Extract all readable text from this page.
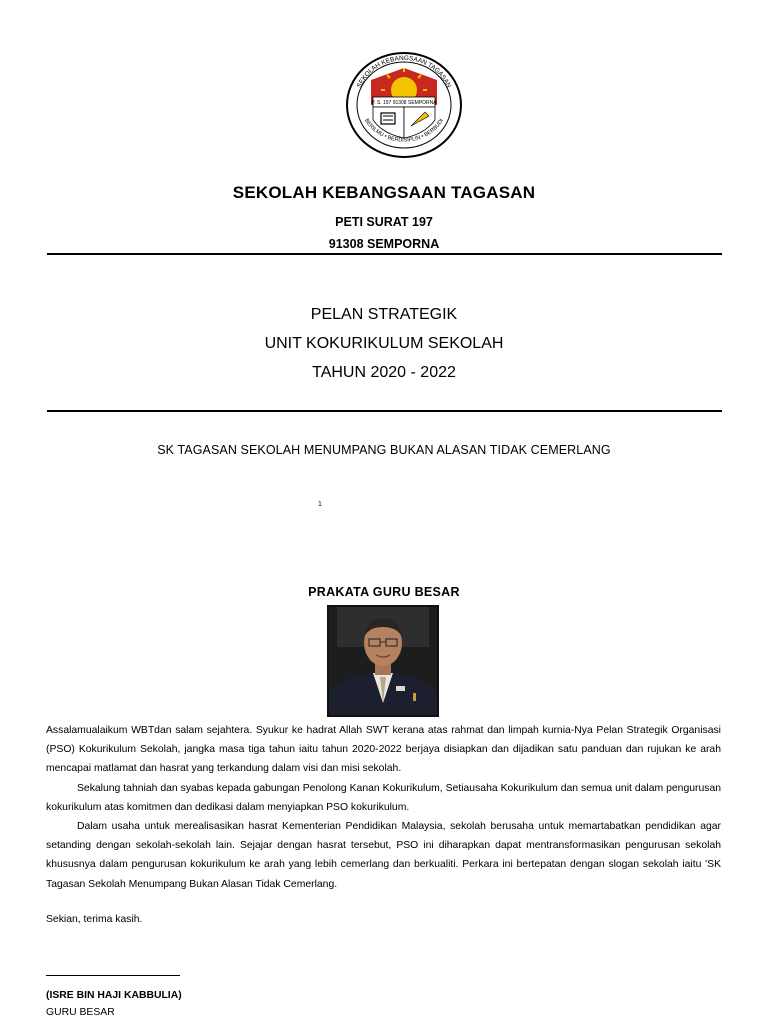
P. S. 197 91308 SEMPORNA
SEKOLAH KEBANGSAAN TAGASAN
BERILMU • BERDISIPLIN • BERBUDI
SEKOLAH KEBANGSAAN TAGASAN
PETI SURAT 197
91308 SEMPORNA
PELAN STRATEGIK
UNIT KOKURIKULUM SEKOLAH
TAHUN 2020 - 2022
SK TAGASAN SEKOLAH MENUMPANG BUKAN ALASAN TIDAK CEMERLANG
1
PRAKATA GURU BESAR

Assalamualaikum WBTdan salam sejahtera. Syukur ke hadrat Allah SWT kerana atas rahmat dan limpah kurnia-Nya Pelan Strategik Organisasi (PSO) Kokurikulum Sekolah, jangka masa tiga tahun iaitu tahun 2020-2022 berjaya disiapkan dan dijadikan satu panduan dan rujukan ke arah mencapai matlamat dan hasrat yang terkandung dalam visi dan misi sekolah.

Sekalung tahniah dan syabas kepada gabungan Penolong Kanan Kokurikulum, Setiausaha Kokurikulum dan semua unit dalam pengurusan kokurikulum atas komitmen dan dedikasi dalam menyiapkan PSO kokurikulum.

Dalam usaha untuk merealisasikan hasrat Kementerian Pendidikan Malaysia, sekolah berusaha untuk memartabatkan pendidikan agar setanding dengan sekolah-sekolah lain. Sejajar dengan hasrat tersebut, PSO ini diharapkan dapat mentransformasikan pengurusan sekolah khususnya dalam pengurusan kokurikulum ke arah yang lebih cemerlang dan berkualiti. Perkara ini bertepatan dengan slogan sekolah iaitu 'SK Tagasan Sekolah Menumpang Bukan Alasan Tidak Cemerlang.

Sekian, terima kasih.
(ISRE BIN HAJI KABBULIA)
GURU BESAR
